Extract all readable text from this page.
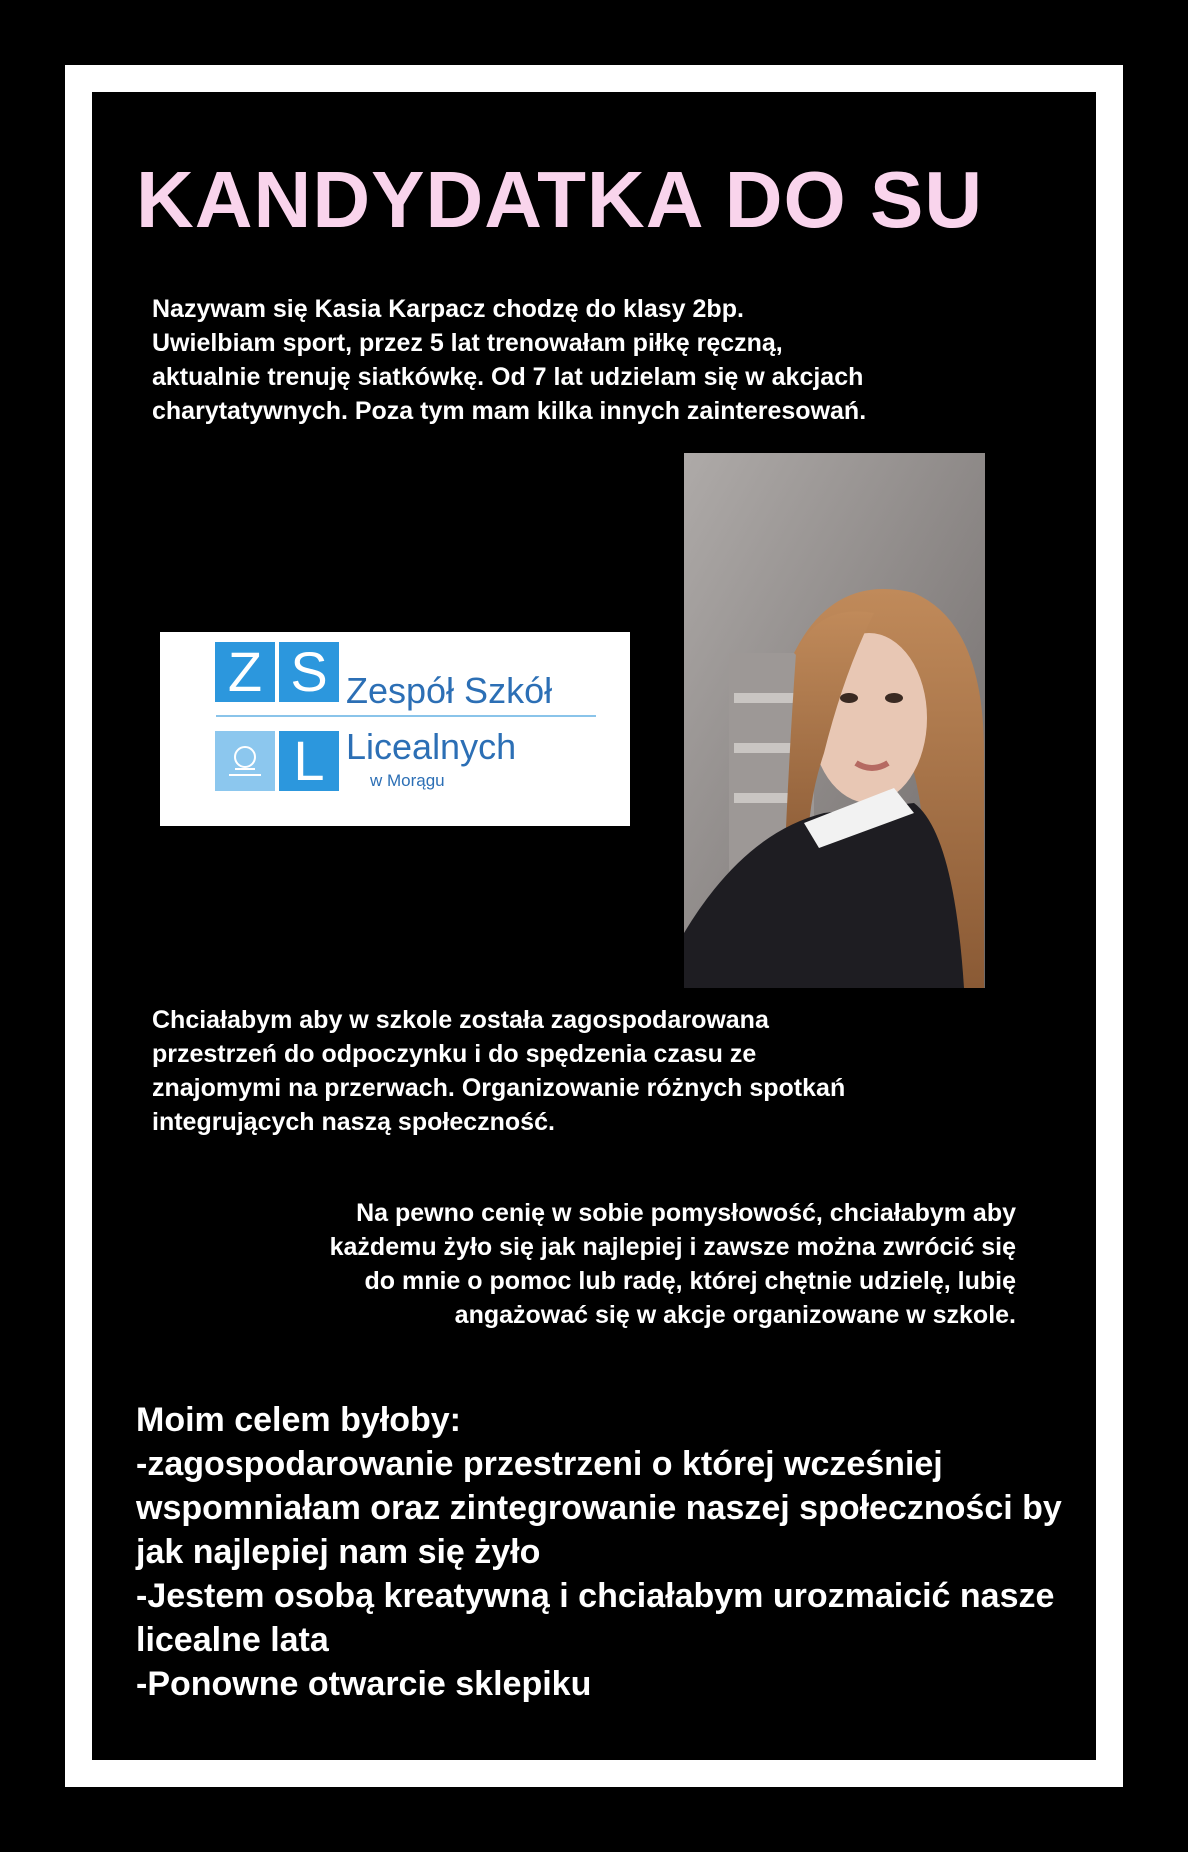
KANDYDATKA DO SU

Nazywam się Kasia Karpacz chodzę do klasy 2bp. Uwielbiam sport, przez 5 lat trenowałam piłkę ręczną, aktualnie trenuję siatkówkę. Od 7 lat udzielam się w akcjach charytatywnych. Poza tym mam kilka innych zainteresowań.

Z S
L
Zespół Szkół
Licealnych
w Morągu

Chciałabym aby w szkole została zagospodarowana przestrzeń do odpoczynku i do spędzenia czasu ze znajomymi na przerwach. Organizowanie różnych spotkań integrujących naszą społeczność.

Na pewno cenię w sobie pomysłowość, chciałabym aby każdemu żyło się jak najlepiej i zawsze można zwrócić się do mnie o pomoc lub radę, której chętnie udzielę, lubię angażować się w akcje organizowane w szkole.

Moim celem byłoby:
-zagospodarowanie przestrzeni o której wcześniej wspomniałam oraz zintegrowanie naszej społeczności by jak najlepiej nam się żyło
-Jestem osobą kreatywną i chciałabym urozmaicić nasze licealne lata
-Ponowne otwarcie sklepiku
